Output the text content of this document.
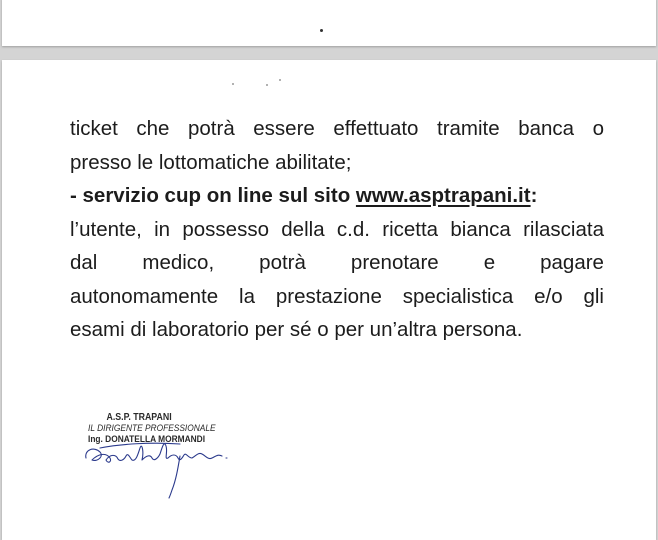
ticket che potrà essere effettuato tramite banca o
presso le lottomatiche abilitate;
- servizio cup on line sul sito www.asptrapani.it:
l’utente, in possesso della c.d. ricetta bianca rilasciata
dal medico, potrà prenotare e pagare
autonomamente la prestazione specialistica e/o gli
esami di laboratorio per sé o per un’altra persona.
A.S.P. TRAPANI
IL DIRIGENTE PROFESSIONALE
Ing. DONATELLA MORMANDI
